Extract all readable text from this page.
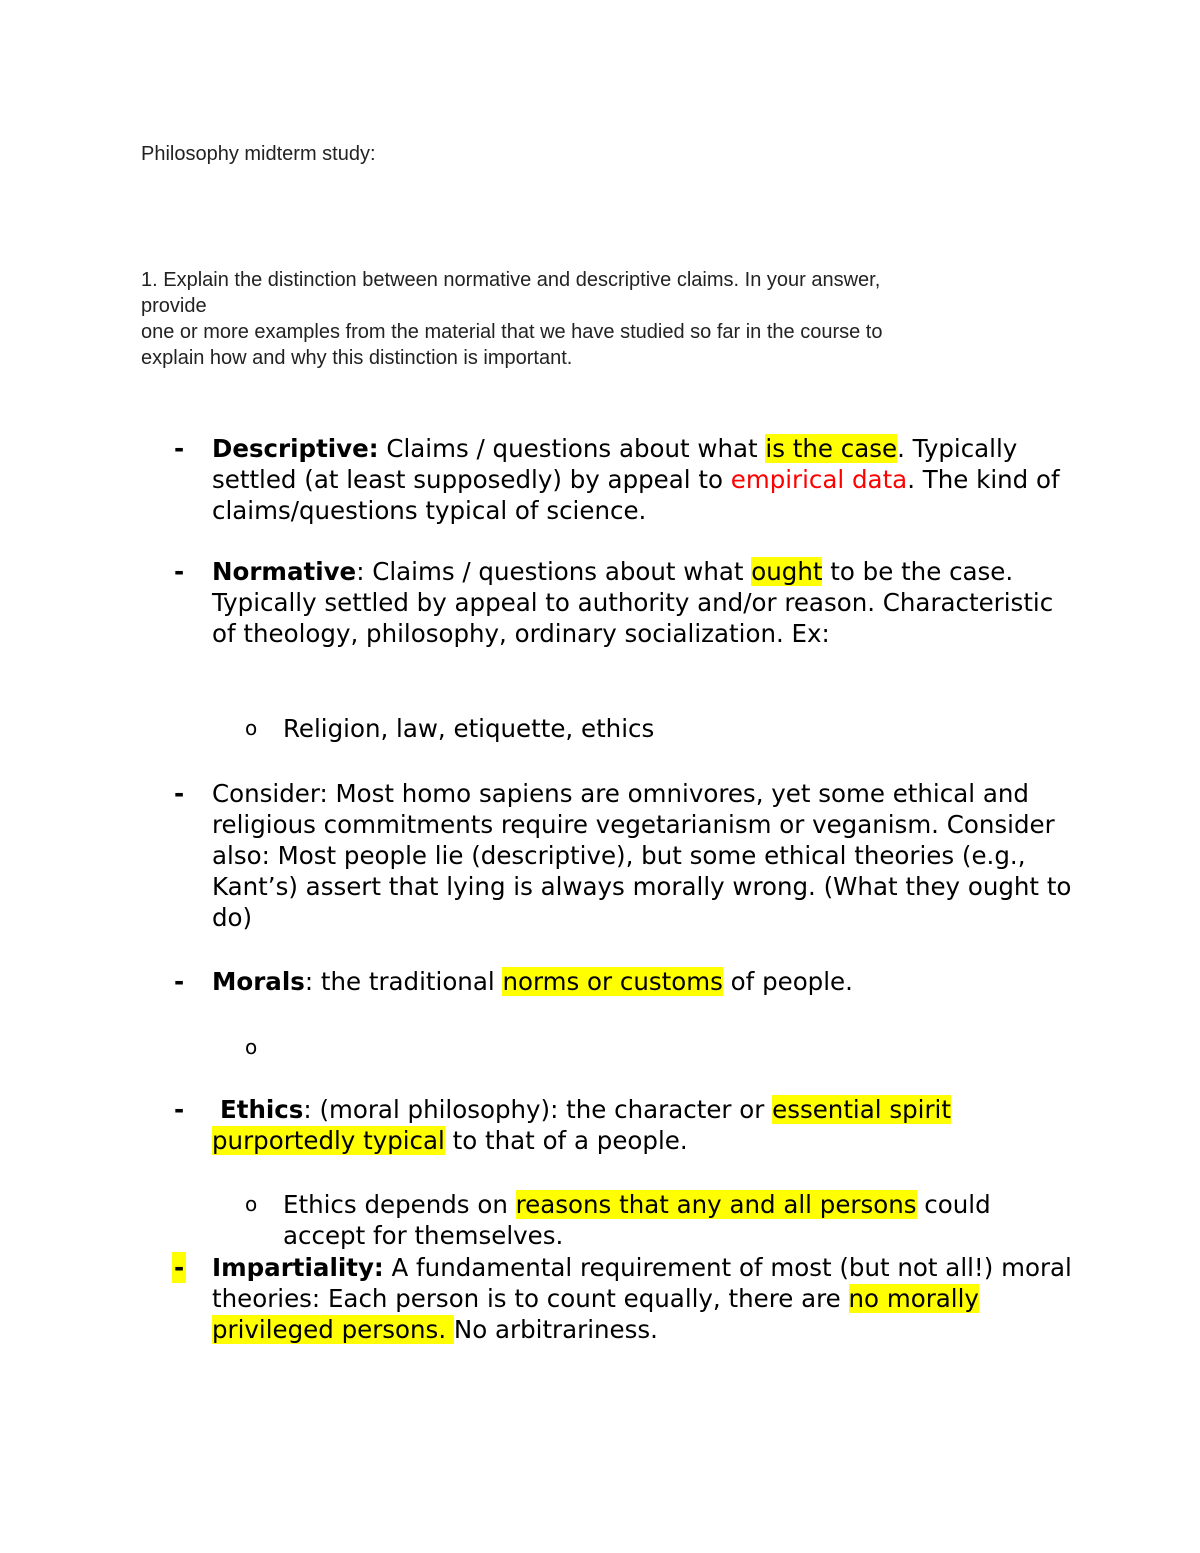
Philosophy midterm study:
1. Explain the distinction between normative and descriptive claims. In your answer,
provide
one or more examples from the material that we have studied so far in the course to
explain how and why this distinction is important.
- Descriptive: Claims / questions about what is the case. Typically settled (at least supposedly) by appeal to empirical data. The kind of claims/questions typical of science.
- Normative: Claims / questions about what ought to be the case. Typically settled by appeal to authority and/or reason. Characteristic of theology, philosophy, ordinary socialization. Ex:
o Religion, law, etiquette, ethics
- Consider: Most homo sapiens are omnivores, yet some ethical and religious commitments require vegetarianism or veganism. Consider also: Most people lie (descriptive), but some ethical theories (e.g., Kant’s) assert that lying is always morally wrong. (What they ought to do)
- Morals: the traditional norms or customs of people.
o
-	Ethics: (moral philosophy): the character or essential spirit
purportedly typical to that of a people.
o Ethics depends on reasons that any and all persons could accept for themselves.
- Impartiality: A fundamental requirement of most (but not all!) moral theories: Each person is to count equally, there are no morally privileged persons. No arbitrariness.
